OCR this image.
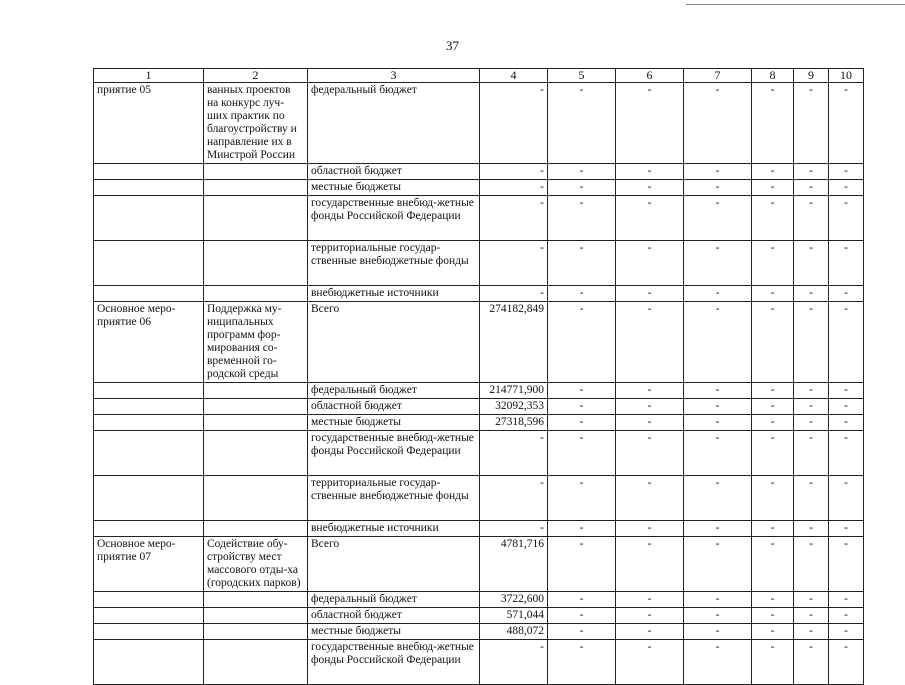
37
1	2	3	4	5	6	7	8	9	10
приятие 05	ванных проектов на конкурс луч-ших практик по благоустройству и направление их в Минстрой России	федеральный бюджет	-	-	-	-	-	-	-
		областной бюджет	-	-	-	-	-	-	-
		местные бюджеты	-	-	-	-	-	-	-
		государственные внебюд-жетные фонды Российской Федерации	-	-	-	-	-	-	-
		территориальные государ-ственные внебюджетные фонды	-	-	-	-	-	-	-
		внебюджетные источники	-	-	-	-	-	-	-
Основное меро-приятие 06	Поддержка му-ниципальных программ фор-мирования со-временной го-родской среды	Всего	274182,849	-	-	-	-	-	-
		федеральный бюджет	214771,900	-	-	-	-	-	-
		областной бюджет	32092,353	-	-	-	-	-	-
		местные бюджеты	27318,596	-	-	-	-	-	-
		государственные внебюд-жетные фонды Российской Федерации	-	-	-	-	-	-	-
		территориальные государ-ственные внебюджетные фонды	-	-	-	-	-	-	-
		внебюджетные источники	-	-	-	-	-	-	-
Основное меро-приятие 07	Содействие обу-стройству мест массового отды-ха (городских парков)	Всего	4781,716	-	-	-	-	-	-
		федеральный бюджет	3722,600	-	-	-	-	-	-
		областной бюджет	571,044	-	-	-	-	-	-
		местные бюджеты	488,072	-	-	-	-	-	-
		государственные внебюд-жетные фонды Российской Федерации	-	-	-	-	-	-	-
